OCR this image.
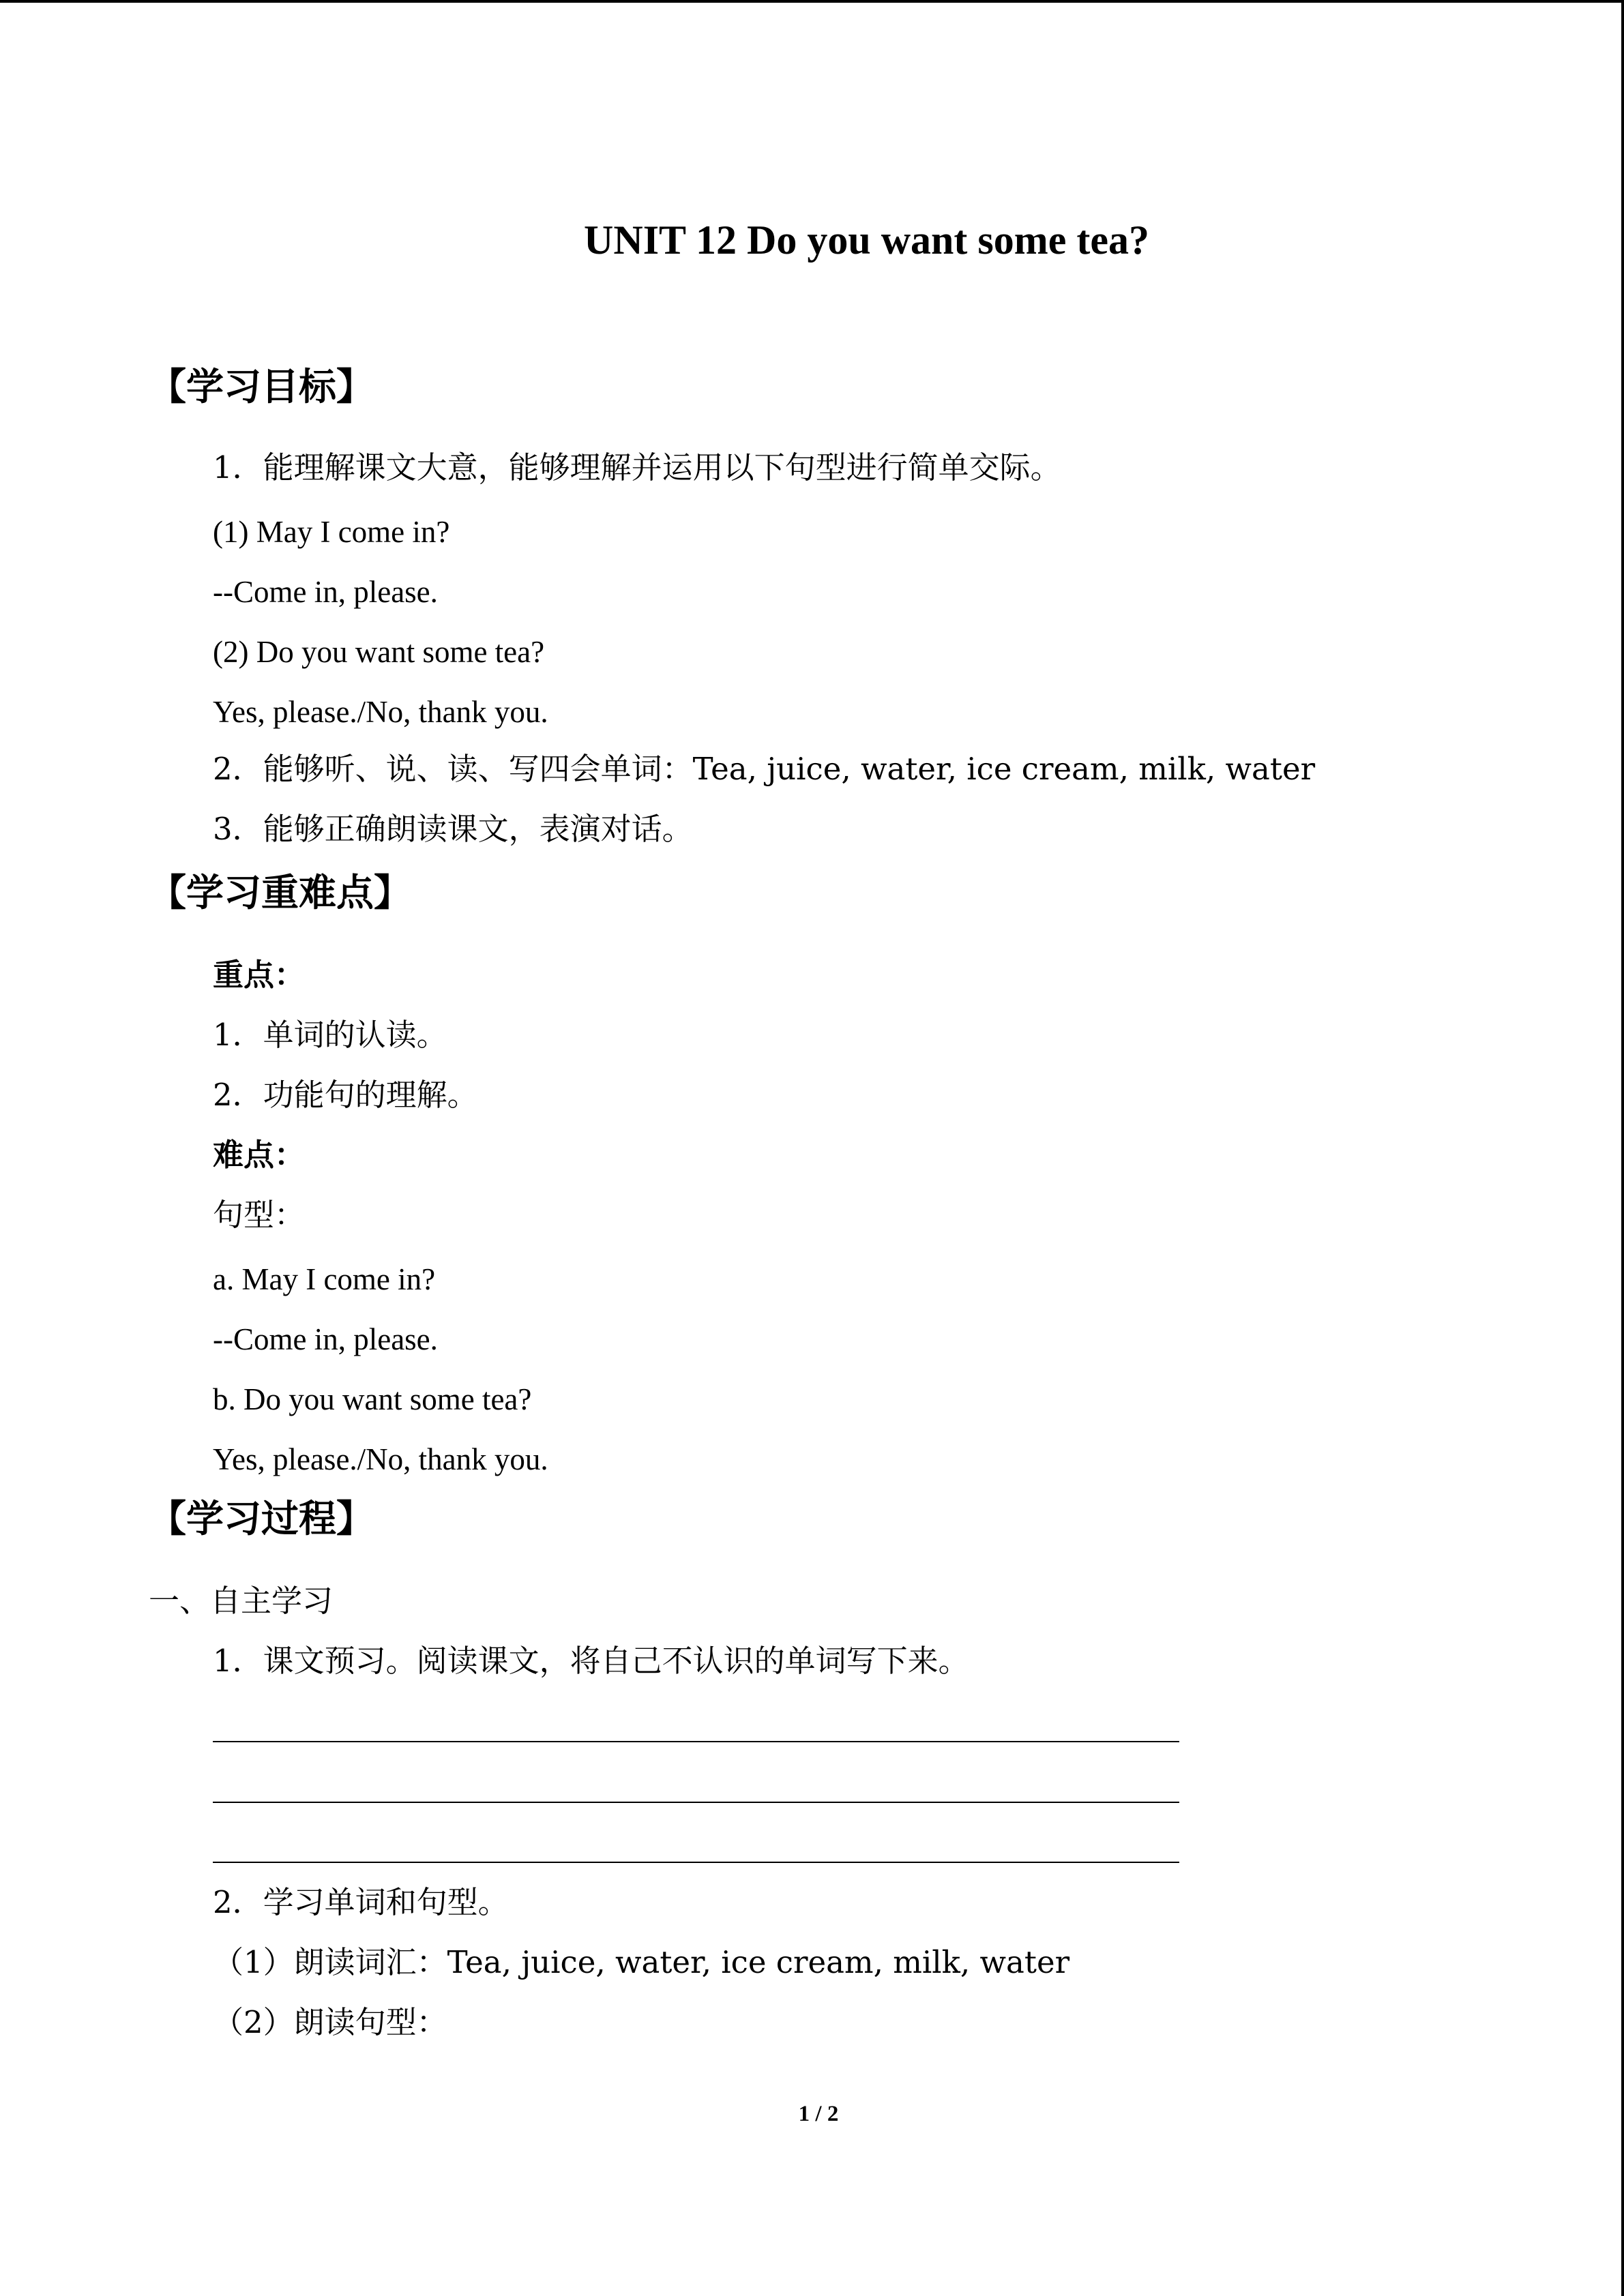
UNIT 12 Do you want some tea?
【学习目标】
1．能理解课文大意，能够理解并运用以下句型进行简单交际。
(1) May I come in?
--Come in, please.
(2) Do you want some tea?
Yes, please./No, thank you.
2．能够听、说、读、写四会单词：Tea, juice, water, ice cream, milk, water
3．能够正确朗读课文，表演对话。
【学习重难点】
重点：
1．单词的认读。
2．功能句的理解。
难点：
句型：
a. May I come in?
--Come in, please.
b. Do you want some tea?
Yes, please./No, thank you.
【学习过程】
一、自主学习
1．课文预习。阅读课文，将自己不认识的单词写下来。
2．学习单词和句型。
（1）朗读词汇：Tea, juice, water, ice cream, milk, water
（2）朗读句型：
1 / 2
